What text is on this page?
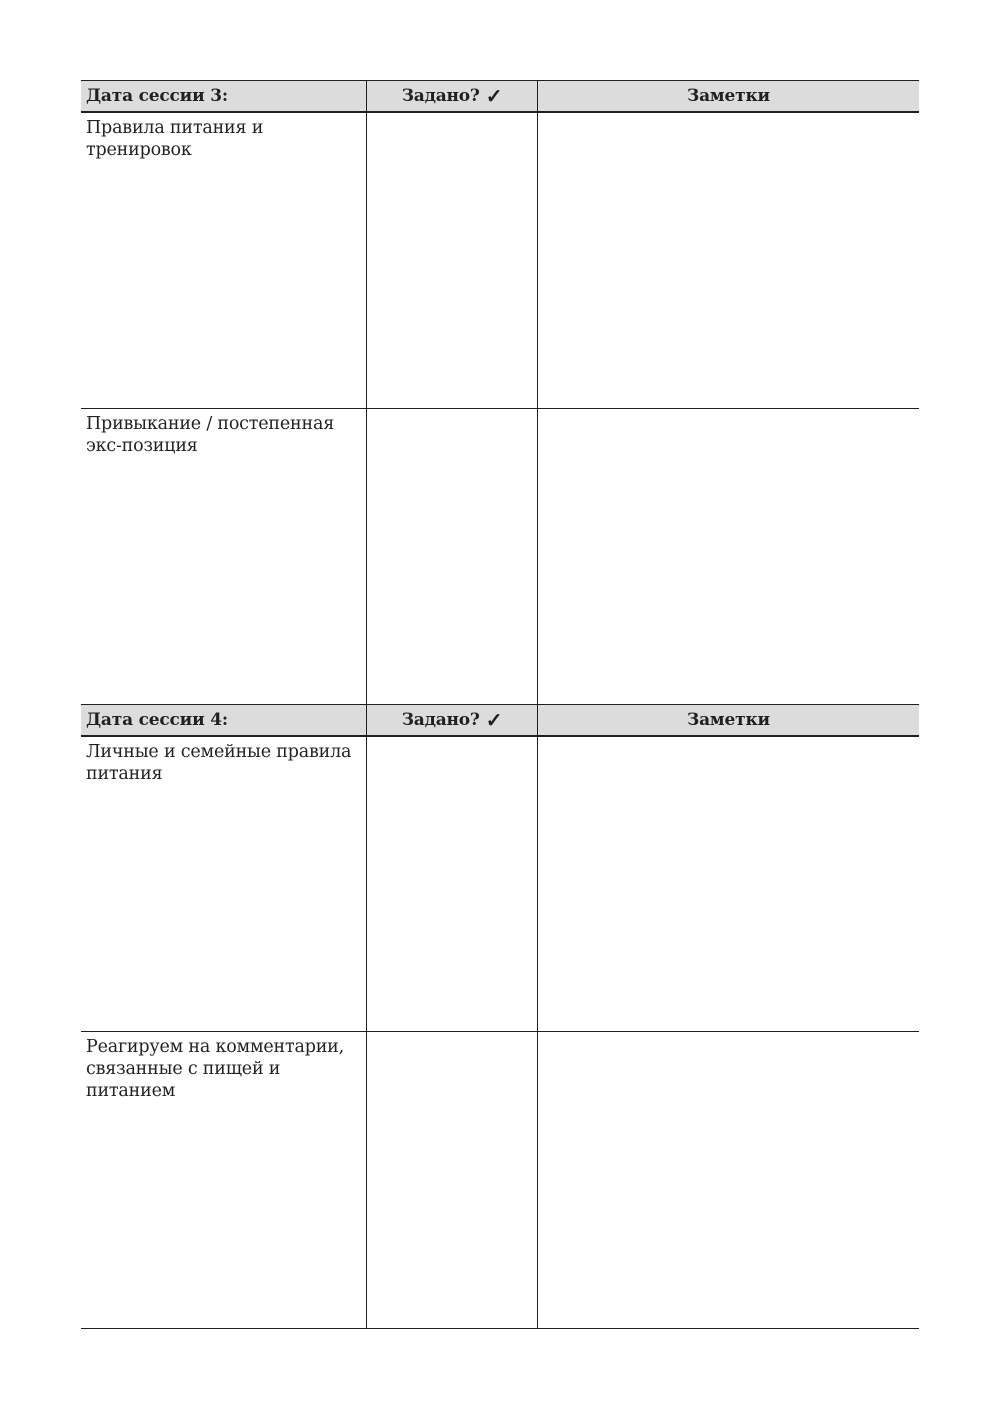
Дата сессии 3:	Задано? ✓	Заметки
Правила питания и тренировок
Привыкание / постепенная экс-позиция
Дата сессии 4:	Задано? ✓	Заметки
Личные и семейные правила питания
Реагируем на комментарии, связанные с пищей и питанием
